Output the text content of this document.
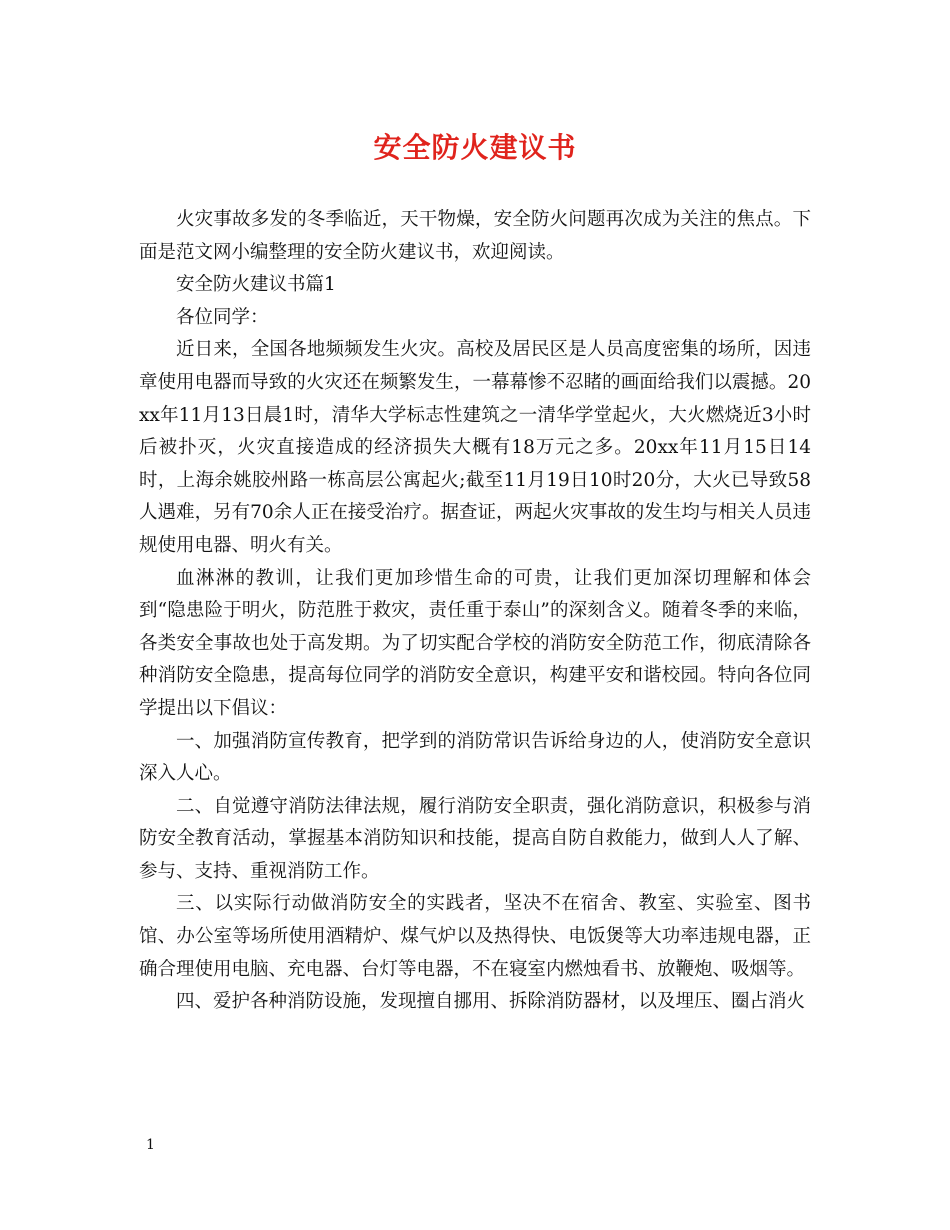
安全防火建议书

火灾事故多发的冬季临近，天干物燥，安全防火问题再次成为关注的焦点。下面是范文网小编整理的安全防火建议书，欢迎阅读。

安全防火建议书篇1

各位同学：

近日来，全国各地频频发生火灾。高校及居民区是人员高度密集的场所，因违章使用电器而导致的火灾还在频繁发生，一幕幕惨不忍睹的画面给我们以震撼。20xx年11月13日晨1时，清华大学标志性建筑之一清华学堂起火，大火燃烧近3小时后被扑灭，火灾直接造成的经济损失大概有18万元之多。20xx年11月15日14时，上海余姚胶州路一栋高层公寓起火;截至11月19日10时20分，大火已导致58人遇难，另有70余人正在接受治疗。据查证，两起火灾事故的发生均与相关人员违规使用电器、明火有关。

血淋淋的教训，让我们更加珍惜生命的可贵，让我们更加深切理解和体会到“隐患险于明火，防范胜于救灾，责任重于泰山”的深刻含义。随着冬季的来临，各类安全事故也处于高发期。为了切实配合学校的消防安全防范工作，彻底清除各种消防安全隐患，提高每位同学的消防安全意识，构建平安和谐校园。特向各位同学提出以下倡议：

一、加强消防宣传教育，把学到的消防常识告诉给身边的人，使消防安全意识深入人心。

二、自觉遵守消防法律法规，履行消防安全职责，强化消防意识，积极参与消防安全教育活动，掌握基本消防知识和技能，提高自防自救能力，做到人人了解、参与、支持、重视消防工作。

三、以实际行动做消防安全的实践者，坚决不在宿舍、教室、实验室、图书馆、办公室等场所使用酒精炉、煤气炉以及热得快、电饭煲等大功率违规电器，正确合理使用电脑、充电器、台灯等电器，不在寝室内燃烛看书、放鞭炮、吸烟等。

四、爱护各种消防设施，发现擅自挪用、拆除消防器材，以及埋压、圈占消火

1
